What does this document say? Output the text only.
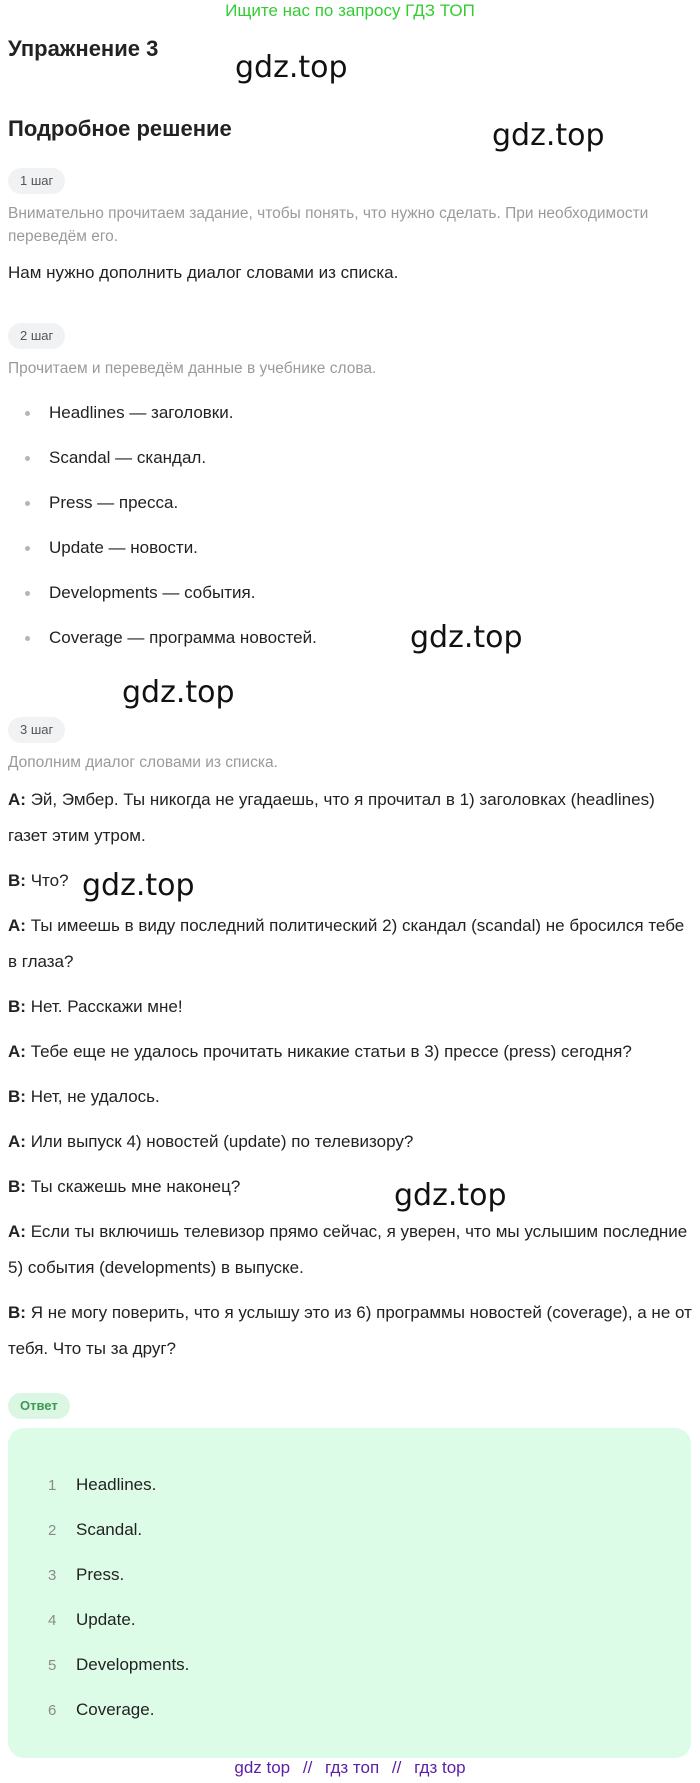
Ищите нас по запросу ГДЗ ТОП
Упражнение 3
Подробное решение
gdz.top
gdz.top
gdz.top
gdz.top
gdz.top
gdz.top
1 шаг
Внимательно прочитаем задание, чтобы понять, что нужно сделать. При необходимости переведём его.
Нам нужно дополнить диалог словами из списка.
2 шаг
Прочитаем и переведём данные в учебнике слова.
Headlines — заголовки.
Scandal — скандал.
Press — пресса.
Update — новости.
Developments — события.
Coverage — программа новостей.
3 шаг
Дополним диалог словами из списка.
A: Эй, Эмбер. Ты никогда не угадаешь, что я прочитал в 1) заголовках (headlines) газет этим утром.
B: Что?
A: Ты имеешь в виду последний политический 2) скандал (scandal) не бросился тебе в глаза?
B: Нет. Расскажи мне!
A: Тебе еще не удалось прочитать никакие статьи в 3) прессе (press) сегодня?
B: Нет, не удалось.
A: Или выпуск 4) новостей (update) по телевизору?
B: Ты скажешь мне наконец?
A: Если ты включишь телевизор прямо сейчас, я уверен, что мы услышим последние 5) события (developments) в выпуске.
B: Я не могу поверить, что я услышу это из 6) программы новостей (coverage), а не от тебя. Что ты за друг?
Ответ
1 Headlines.
2 Scandal.
3 Press.
4 Update.
5 Developments.
6 Coverage.
gdz top // гдз топ // гдз top
